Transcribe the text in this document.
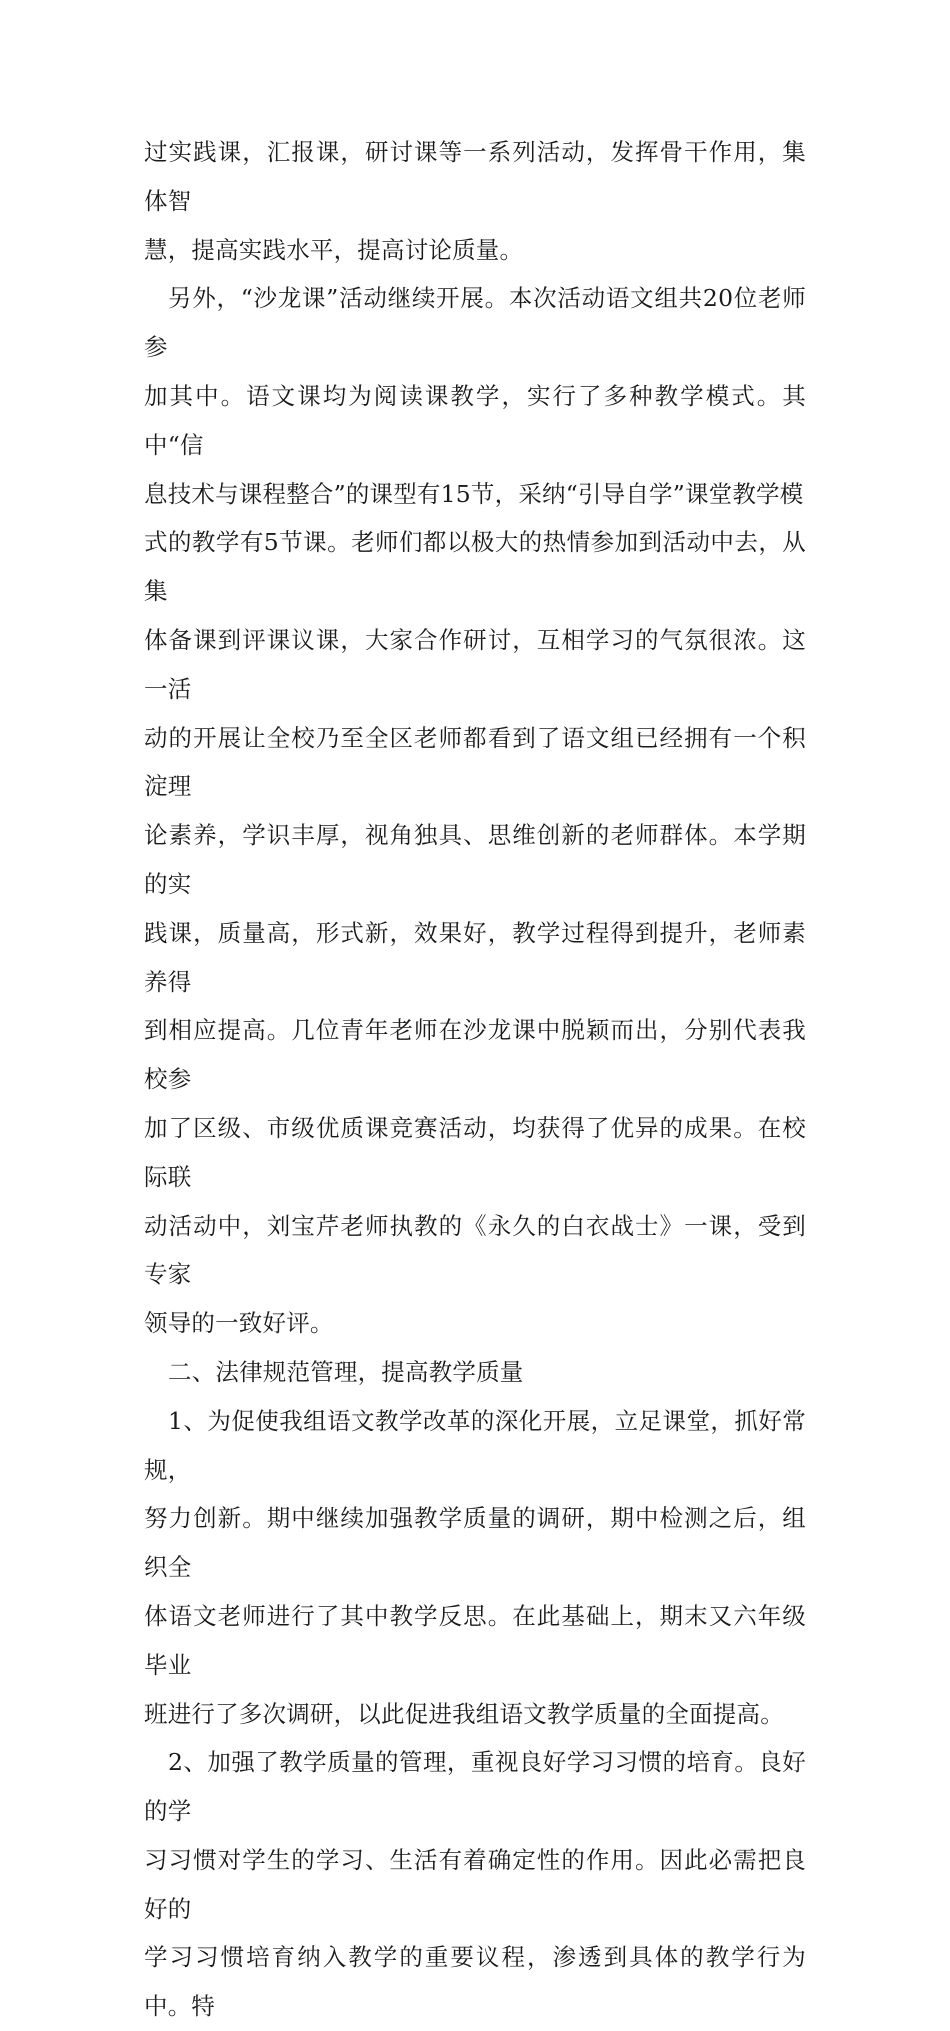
过实践课，汇报课，研讨课等一系列活动，发挥骨干作用，集体智
慧，提高实践水平，提高讨论质量。

另外，“沙龙课”活动继续开展。本次活动语文组共20位老师参
加其中。语文课均为阅读课教学，实行了多种教学模式。其中“信
息技术与课程整合”的课型有15节，采纳“引导自学”课堂教学模
式的教学有5节课。老师们都以极大的热情参加到活动中去，从集
体备课到评课议课，大家合作研讨，互相学习的气氛很浓。这一活
动的开展让全校乃至全区老师都看到了语文组已经拥有一个积淀理
论素养，学识丰厚，视角独具、思维创新的老师群体。本学期的实
践课，质量高，形式新，效果好，教学过程得到提升，老师素养得
到相应提高。几位青年老师在沙龙课中脱颖而出，分别代表我校参
加了区级、市级优质课竞赛活动，均获得了优异的成果。在校际联
动活动中，刘宝芹老师执教的《永久的白衣战士》一课，受到专家
领导的一致好评。

二、法律规范管理，提高教学质量

1、为促使我组语文教学改革的深化开展，立足课堂，抓好常规，
努力创新。期中继续加强教学质量的调研，期中检测之后，组织全
体语文老师进行了其中教学反思。在此基础上，期末又六年级毕业
班进行了多次调研，以此促进我组语文教学质量的全面提高。

2、加强了教学质量的管理，重视良好学习习惯的培育。良好的学
习习惯对学生的学习、生活有着确定性的作用。因此必需把良好的
学习习惯培育纳入教学的重要议程，渗透到具体的教学行为中。特
